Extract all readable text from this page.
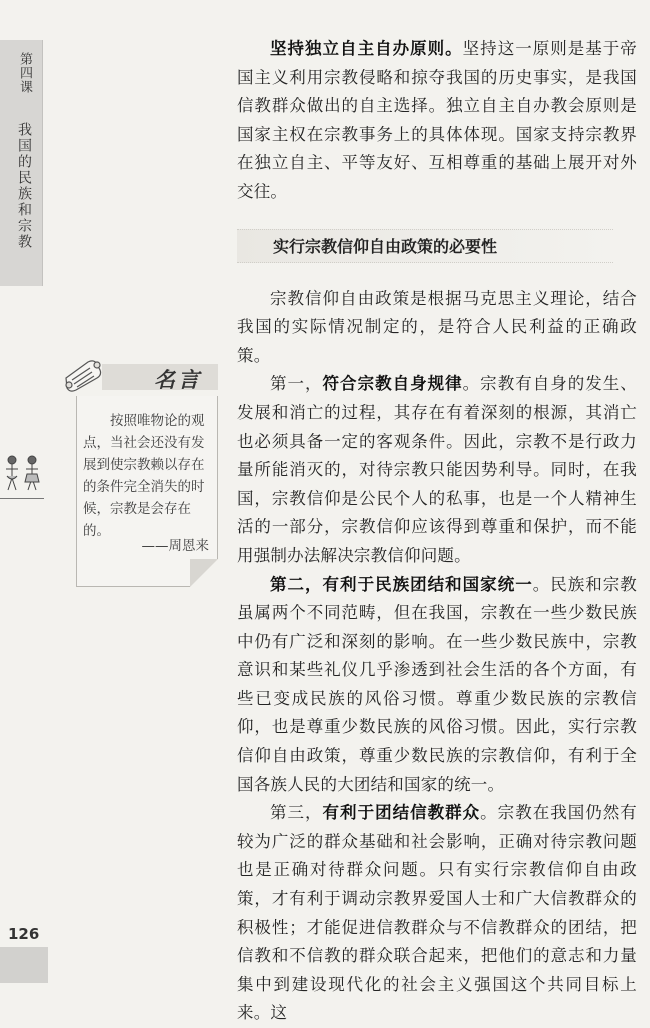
第四课
我国的民族和宗教
名言
按照唯物论的观点，当社会还没有发展到使宗教赖以存在的条件完全消失的时候，宗教是会存在的。
——周恩来

坚持独立自主自办原则。坚持这一原则是基于帝国主义利用宗教侵略和掠夺我国的历史事实，是我国信教群众做出的自主选择。独立自主自办教会原则是国家主权在宗教事务上的具体体现。国家支持宗教界在独立自主、平等友好、互相尊重的基础上展开对外交往。

实行宗教信仰自由政策的必要性

宗教信仰自由政策是根据马克思主义理论，结合我国的实际情况制定的，是符合人民利益的正确政策。

第一，符合宗教自身规律。宗教有自身的发生、发展和消亡的过程，其存在有着深刻的根源，其消亡也必须具备一定的客观条件。因此，宗教不是行政力量所能消灭的，对待宗教只能因势利导。同时，在我国，宗教信仰是公民个人的私事，也是一个人精神生活的一部分，宗教信仰应该得到尊重和保护，而不能用强制办法解决宗教信仰问题。

第二，有利于民族团结和国家统一。民族和宗教虽属两个不同范畴，但在我国，宗教在一些少数民族中仍有广泛和深刻的影响。在一些少数民族中，宗教意识和某些礼仪几乎渗透到社会生活的各个方面，有些已变成民族的风俗习惯。尊重少数民族的宗教信仰，也是尊重少数民族的风俗习惯。因此，实行宗教信仰自由政策，尊重少数民族的宗教信仰，有利于全国各族人民的大团结和国家的统一。

第三，有利于团结信教群众。宗教在我国仍然有较为广泛的群众基础和社会影响，正确对待宗教问题也是正确对待群众问题。只有实行宗教信仰自由政策，才有利于调动宗教界爱国人士和广大信教群众的积极性；才能促进信教群众与不信教群众的团结，把信教和不信教的群众联合起来，把他们的意志和力量集中到建设现代化的社会主义强国这个共同目标上来。这

126
